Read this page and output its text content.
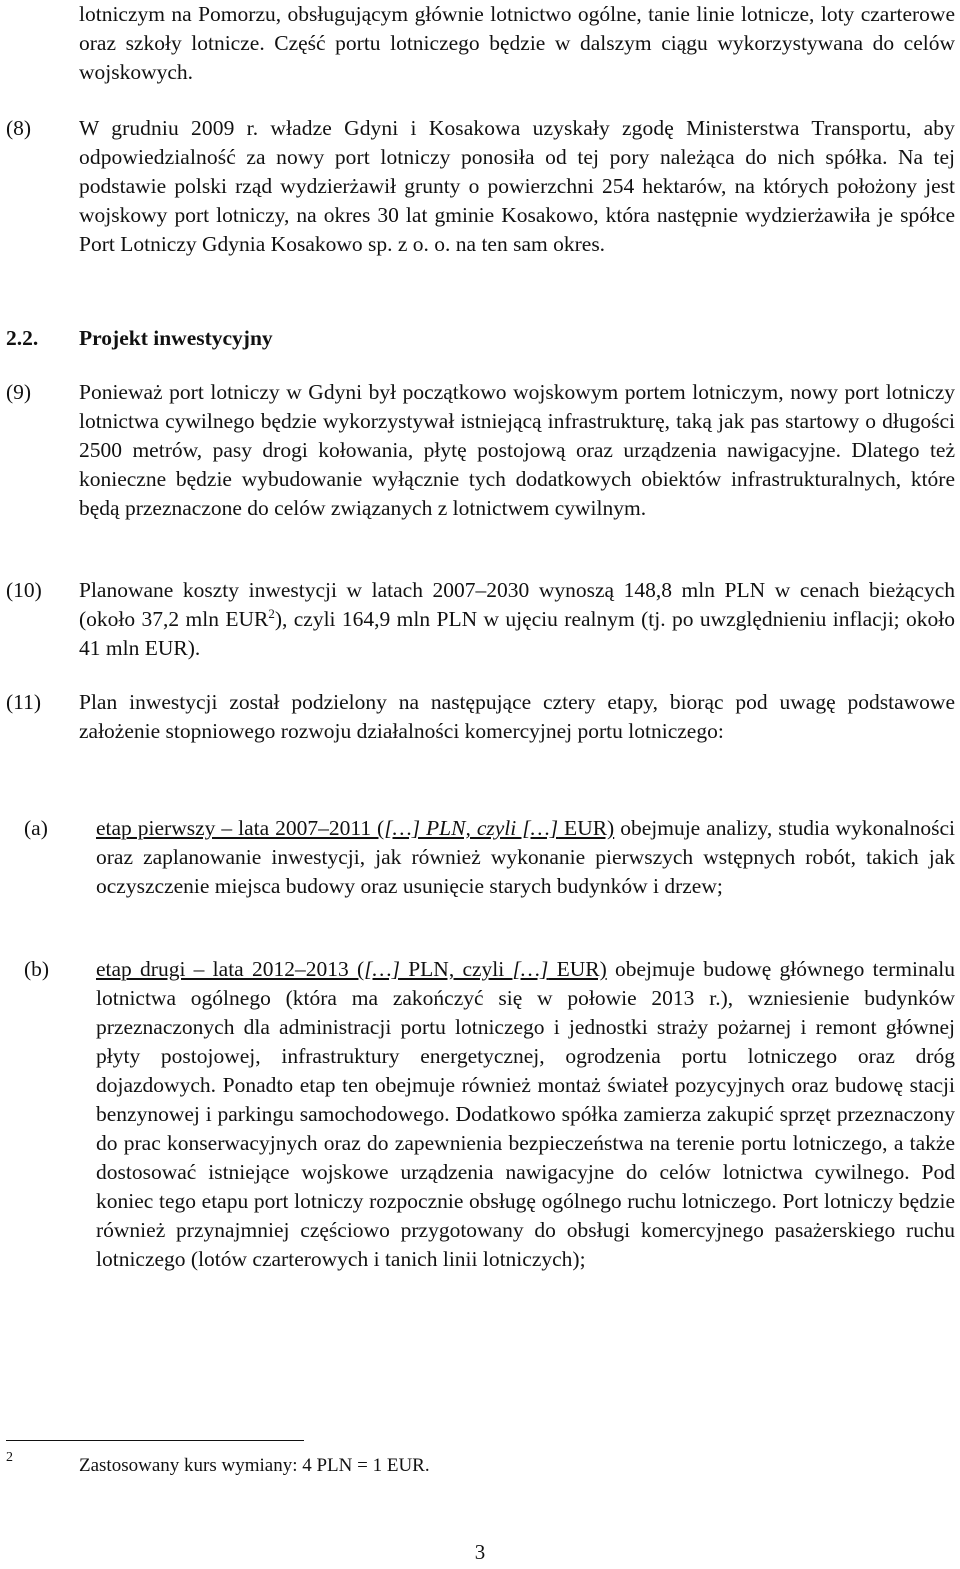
lotniczym na Pomorzu, obsługującym głównie lotnictwo ogólne, tanie linie lotnicze, loty czarterowe oraz szkoły lotnicze. Część portu lotniczego będzie w dalszym ciągu wykorzystywana do celów wojskowych.
(8) W grudniu 2009 r. władze Gdyni i Kosakowa uzyskały zgodę Ministerstwa Transportu, aby odpowiedzialność za nowy port lotniczy ponosiła od tej pory należąca do nich spółka. Na tej podstawie polski rząd wydzierżawił grunty o powierzchni 254 hektarów, na których położony jest wojskowy port lotniczy, na okres 30 lat gminie Kosakowo, która następnie wydzierżawiła je spółce Port Lotniczy Gdynia Kosakowo sp. z o. o. na ten sam okres.
2.2. Projekt inwestycyjny
(9) Ponieważ port lotniczy w Gdyni był początkowo wojskowym portem lotniczym, nowy port lotniczy lotnictwa cywilnego będzie wykorzystywał istniejącą infrastrukturę, taką jak pas startowy o długości 2500 metrów, pasy drogi kołowania, płytę postojową oraz urządzenia nawigacyjne. Dlatego też konieczne będzie wybudowanie wyłącznie tych dodatkowych obiektów infrastrukturalnych, które będą przeznaczone do celów związanych z lotnictwem cywilnym.
(10) Planowane koszty inwestycji w latach 2007–2030 wynoszą 148,8 mln PLN w cenach bieżących (około 37,2 mln EUR$^2$), czyli 164,9 mln PLN w ujęciu realnym (tj. po uwzględnieniu inflacji; około 41 mln EUR).
(11) Plan inwestycji został podzielony na następujące cztery etapy, biorąc pod uwagę podstawowe założenie stopniowego rozwoju działalności komercyjnej portu lotniczego:
(a) etap pierwszy – lata 2007–2011 ([…] PLN, czyli […] EUR) obejmuje analizy, studia wykonalności oraz zaplanowanie inwestycji, jak również wykonanie pierwszych wstępnych robót, takich jak oczyszczenie miejsca budowy oraz usunięcie starych budynków i drzew;
(b) etap drugi – lata 2012–2013 ([…] PLN, czyli […] EUR) obejmuje budowę głównego terminalu lotnictwa ogólnego (która ma zakończyć się w połowie 2013 r.), wzniesienie budynków przeznaczonych dla administracji portu lotniczego i jednostki straży pożarnej i remont głównej płyty postojowej, infrastruktury energetycznej, ogrodzenia portu lotniczego oraz dróg dojazdowych. Ponadto etap ten obejmuje również montaż świateł pozycyjnych oraz budowę stacji benzynowej i parkingu samochodowego. Dodatkowo spółka zamierza zakupić sprzęt przeznaczony do prac konserwacyjnych oraz do zapewnienia bezpieczeństwa na terenie portu lotniczego, a także dostosować istniejące wojskowe urządzenia nawigacyjne do celów lotnictwa cywilnego. Pod koniec tego etapu port lotniczy rozpocznie obsługę ogólnego ruchu lotniczego. Port lotniczy będzie również przynajmniej częściowo przygotowany do obsługi komercyjnego pasażerskiego ruchu lotniczego (lotów czarterowych i tanich linii lotniczych);
2	Zastosowany kurs wymiany: 4 PLN = 1 EUR.
3
